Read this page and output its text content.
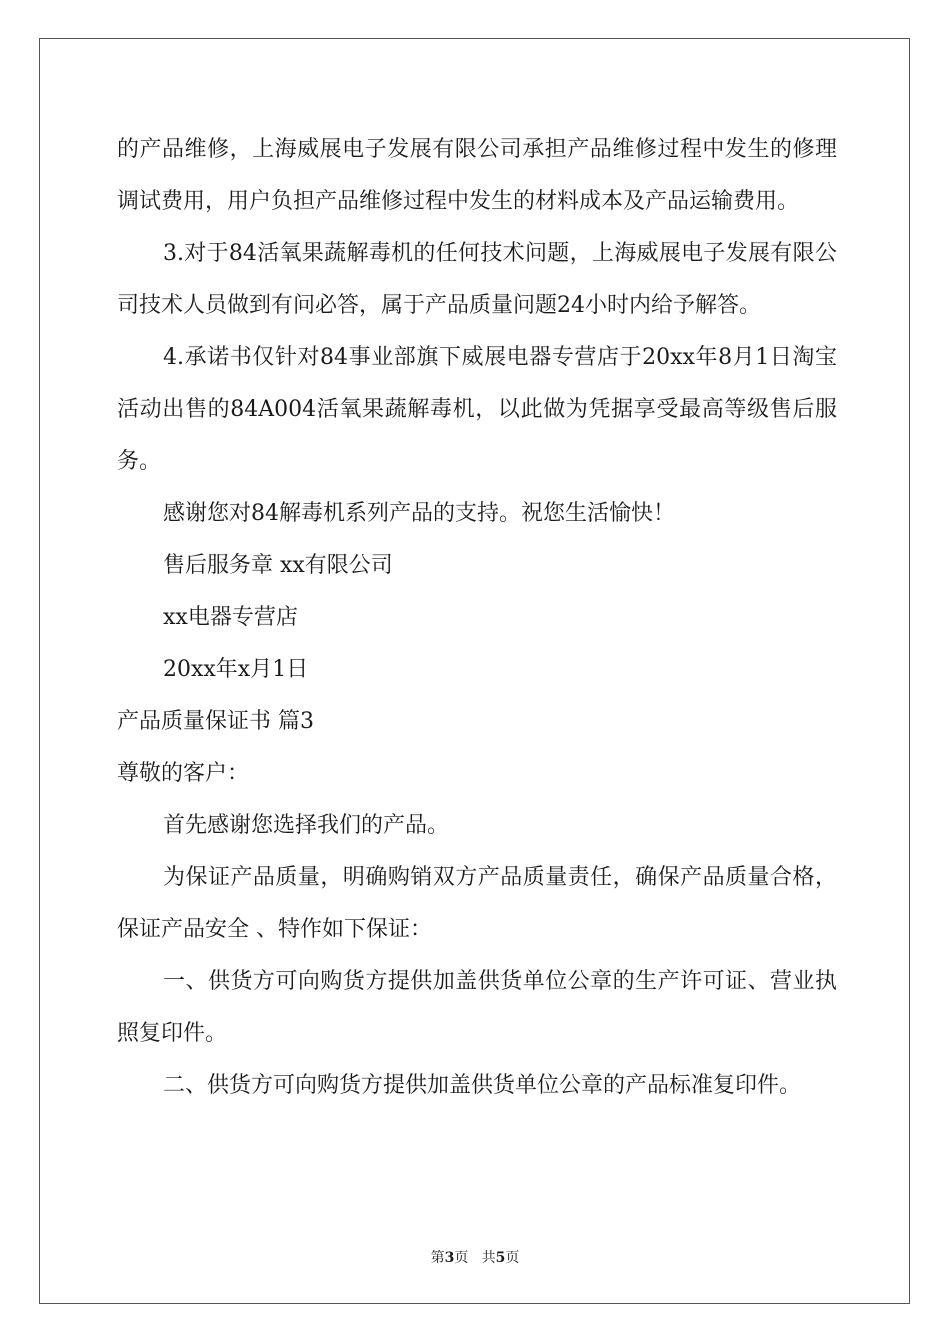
的产品维修，上海威展电子发展有限公司承担产品维修过程中发生的修理调试费用，用户负担产品维修过程中发生的材料成本及产品运输费用。

3.对于84活氧果蔬解毒机的任何技术问题，上海威展电子发展有限公司技术人员做到有问必答，属于产品质量问题24小时内给予解答。

4.承诺书仅针对84事业部旗下威展电器专营店于20xx年8月1日淘宝活动出售的84A004活氧果蔬解毒机，以此做为凭据享受最高等级售后服务。

感谢您对84解毒机系列产品的支持。祝您生活愉快！

售后服务章 xx有限公司

xx电器专营店

20xx年x月1日

产品质量保证书 篇3

尊敬的客户：

首先感谢您选择我们的产品。

为保证产品质量，明确购销双方产品质量责任，确保产品质量合格，保证产品安全 、特作如下保证：

一、供货方可向购货方提供加盖供货单位公章的生产许可证、营业执照复印件。

二、供货方可向购货方提供加盖供货单位公章的产品标准复印件。

第3页 共5页
